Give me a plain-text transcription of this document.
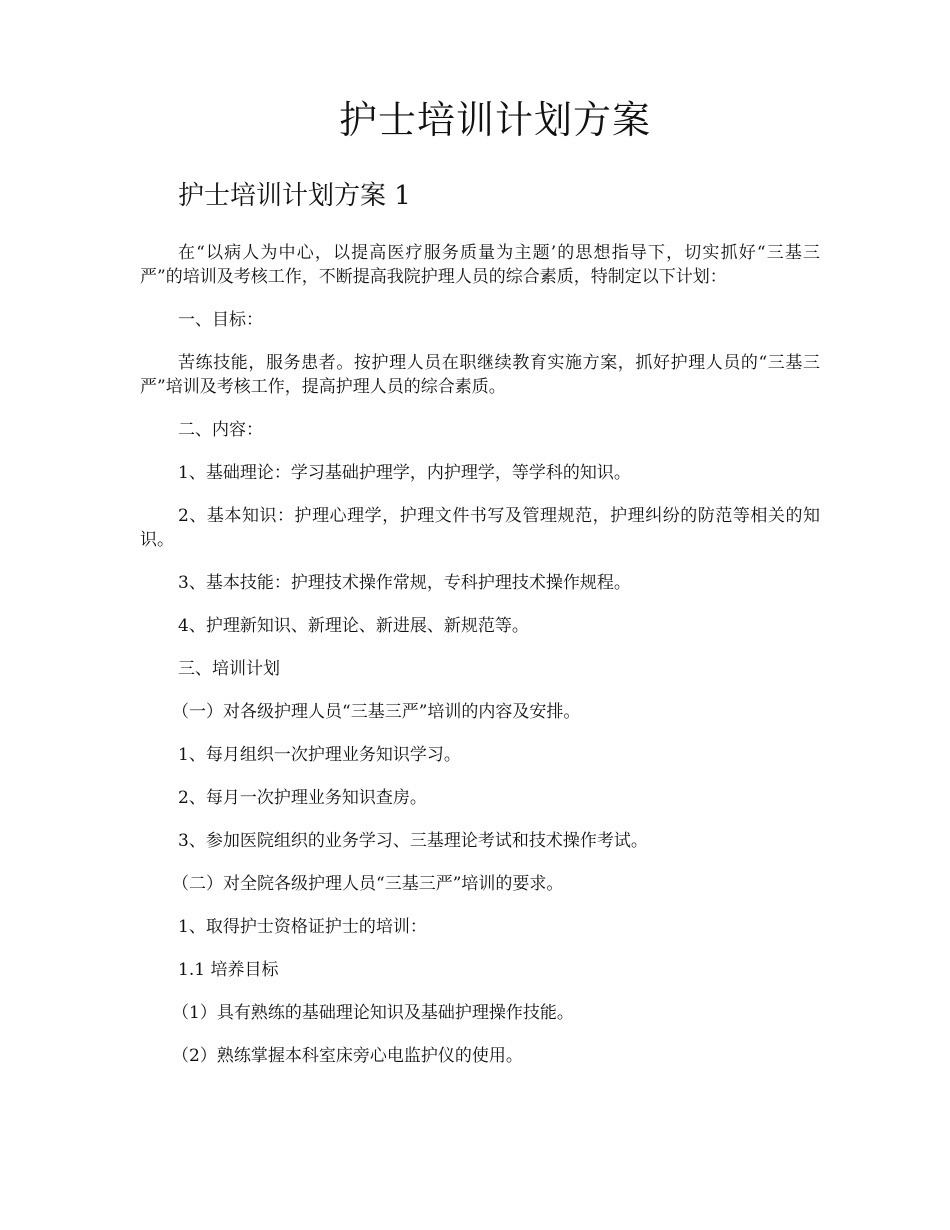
护士培训计划方案
护士培训计划方案 1

在“以病人为中心，以提高医疗服务质量为主题’的思想指导下，切实抓好“三基三严”的培训及考核工作，不断提高我院护理人员的综合素质，特制定以下计划：

一、目标：

苦练技能，服务患者。按护理人员在职继续教育实施方案，抓好护理人员的“三基三严”培训及考核工作，提高护理人员的综合素质。

二、内容：

1、基础理论：学习基础护理学，内护理学，等学科的知识。

2、基本知识：护理心理学，护理文件书写及管理规范，护理纠纷的防范等相关的知识。

3、基本技能：护理技术操作常规，专科护理技术操作规程。

4、护理新知识、新理论、新进展、新规范等。

三、培训计划

（一）对各级护理人员“三基三严”培训的内容及安排。

1、每月组织一次护理业务知识学习。

2、每月一次护理业务知识查房。

3、参加医院组织的业务学习、三基理论考试和技术操作考试。

（二）对全院各级护理人员“三基三严”培训的要求。

1、取得护士资格证护士的培训：

1.1 培养目标

（1）具有熟练的基础理论知识及基础护理操作技能。

（2）熟练掌握本科室床旁心电监护仪的使用。
